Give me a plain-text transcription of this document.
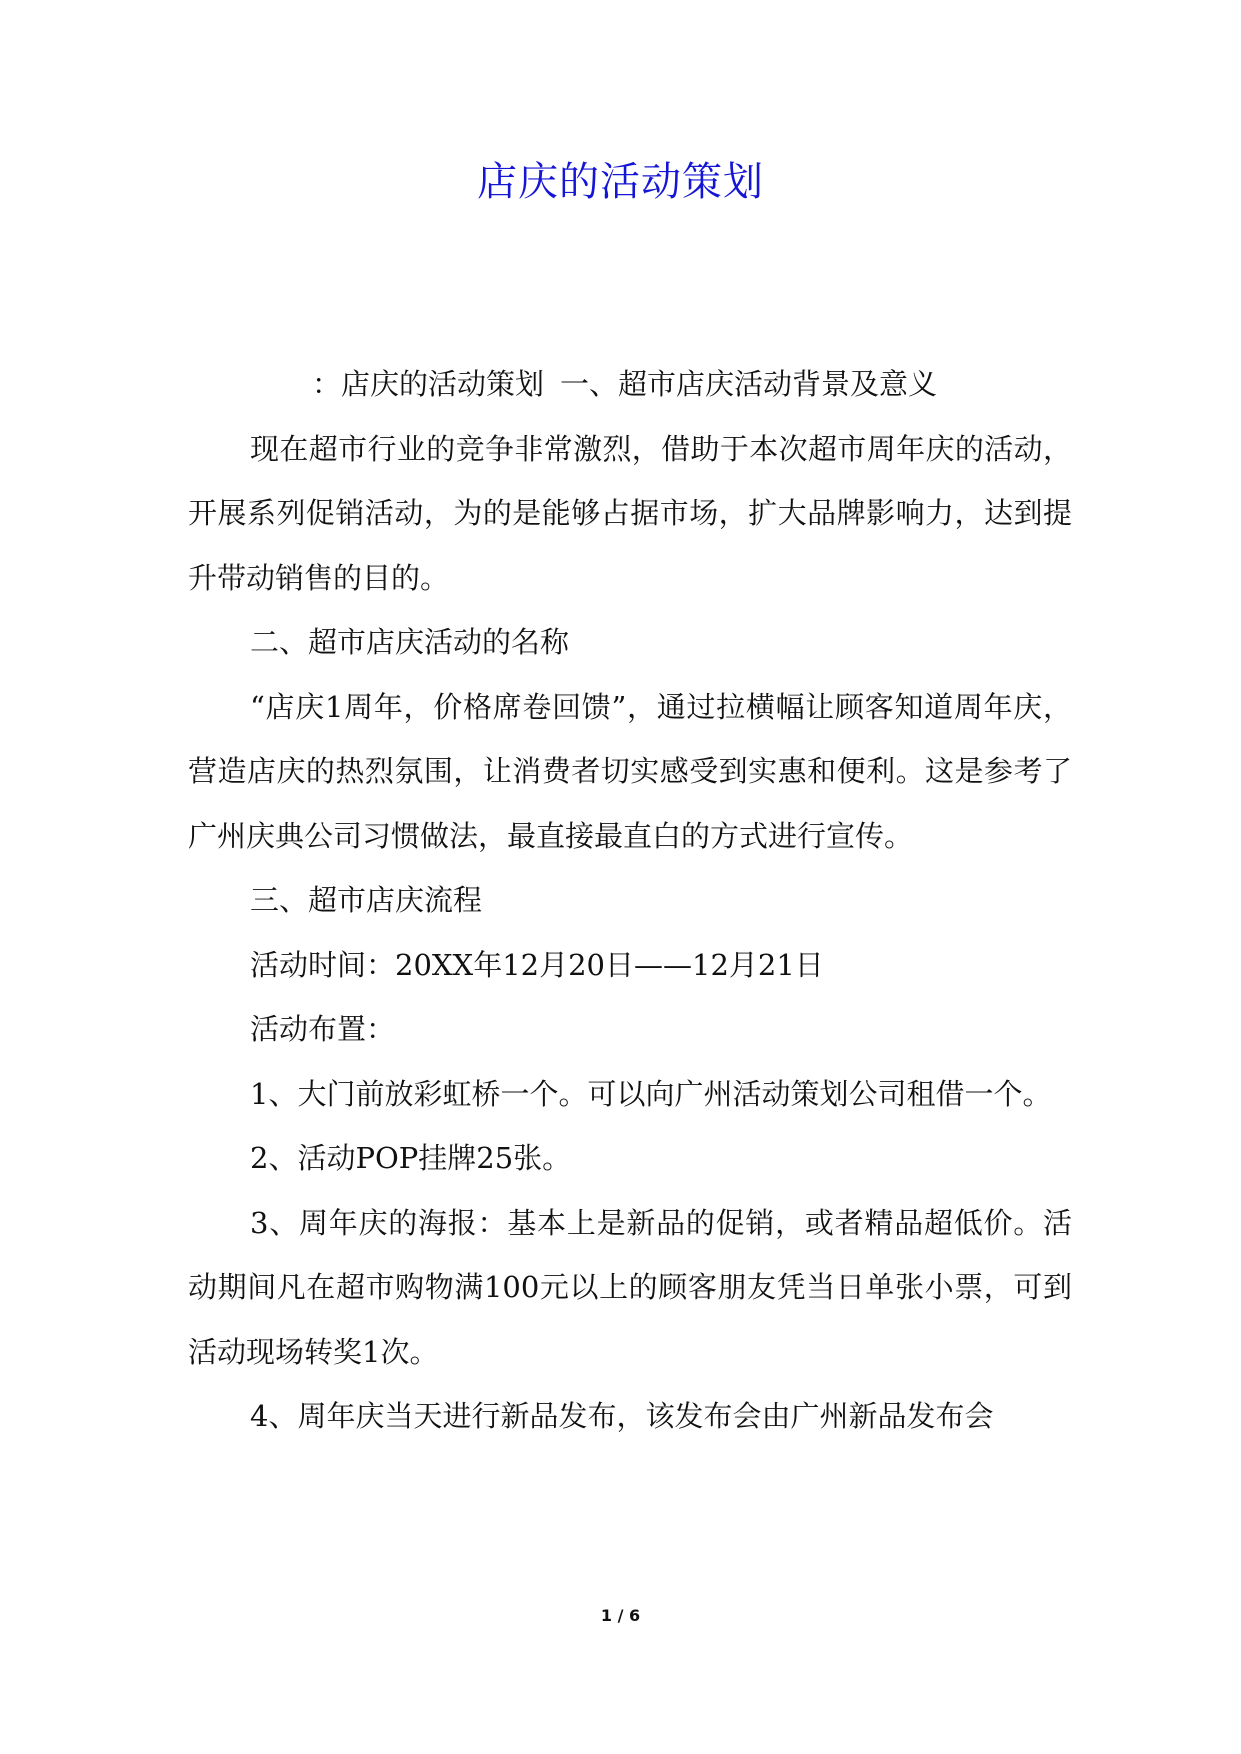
店庆的活动策划

：店庆的活动策划 一、超市店庆活动背景及意义

现在超市行业的竞争非常激烈，借助于本次超市周年庆的活动，开展系列促销活动，为的是能够占据市场，扩大品牌影响力，达到提升带动销售的目的。

二、超市店庆活动的名称

“店庆1周年，价格席卷回馈”，通过拉横幅让顾客知道周年庆，营造店庆的热烈氛围，让消费者切实感受到实惠和便利。这是参考了广州庆典公司习惯做法，最直接最直白的方式进行宣传。

三、超市店庆流程

活动时间：20XX年12月20日——12月21日

活动布置：

1、大门前放彩虹桥一个。可以向广州活动策划公司租借一个。

2、活动POP挂牌25张。

3、周年庆的海报：基本上是新品的促销，或者精品超低价。活动期间凡在超市购物满100元以上的顾客朋友凭当日单张小票，可到活动现场转奖1次。

4、周年庆当天进行新品发布，该发布会由广州新品发布会

1 / 6
